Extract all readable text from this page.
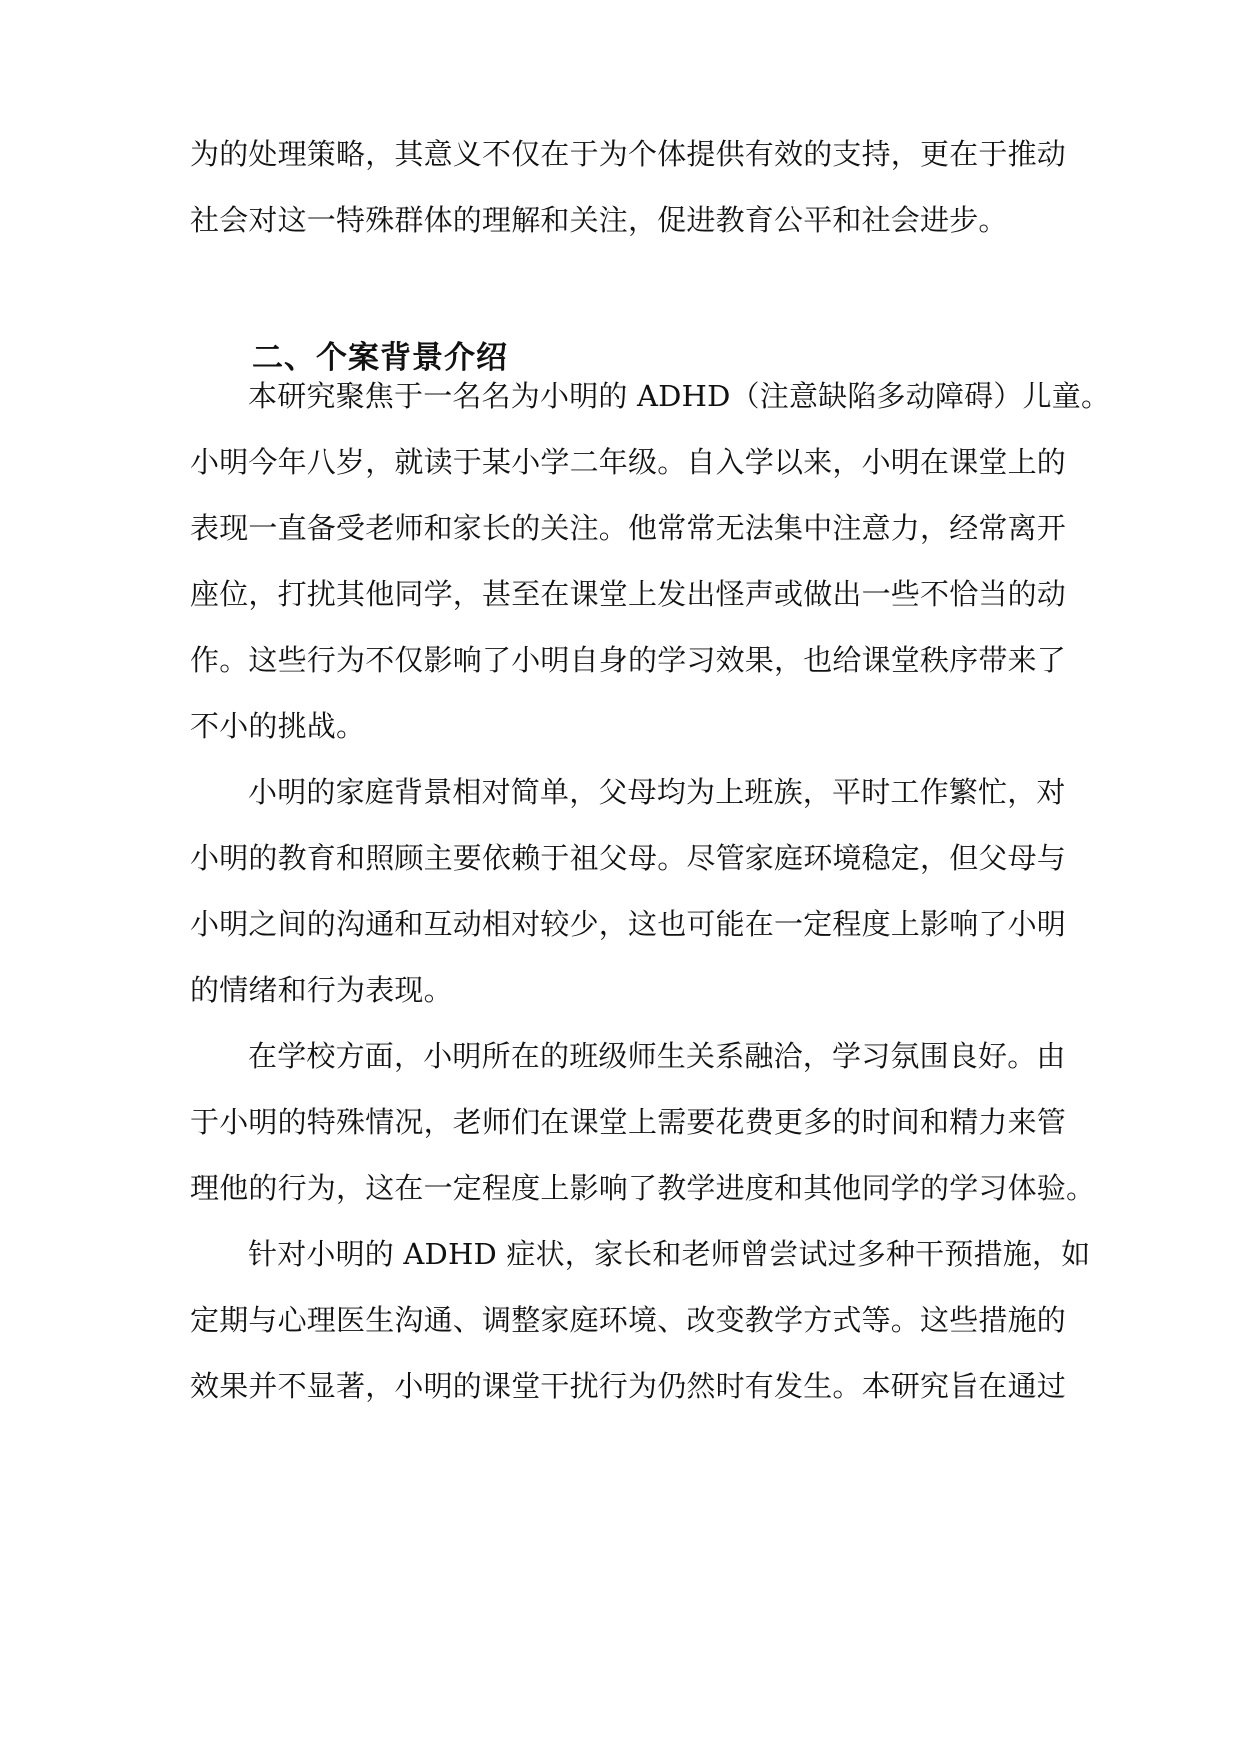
为的处理策略，其意义不仅在于为个体提供有效的支持，更在于推动
社会对这一特殊群体的理解和关注，促进教育公平和社会进步。
二、个案背景介绍
本研究聚焦于一名名为小明的 ADHD（注意缺陷多动障碍）儿童。
小明今年八岁，就读于某小学二年级。自入学以来，小明在课堂上的
表现一直备受老师和家长的关注。他常常无法集中注意力，经常离开
座位，打扰其他同学，甚至在课堂上发出怪声或做出一些不恰当的动
作。这些行为不仅影响了小明自身的学习效果，也给课堂秩序带来了
不小的挑战。
小明的家庭背景相对简单，父母均为上班族，平时工作繁忙，对
小明的教育和照顾主要依赖于祖父母。尽管家庭环境稳定，但父母与
小明之间的沟通和互动相对较少，这也可能在一定程度上影响了小明
的情绪和行为表现。
在学校方面，小明所在的班级师生关系融洽，学习氛围良好。由
于小明的特殊情况，老师们在课堂上需要花费更多的时间和精力来管
理他的行为，这在一定程度上影响了教学进度和其他同学的学习体验。
针对小明的 ADHD 症状，家长和老师曾尝试过多种干预措施，如
定期与心理医生沟通、调整家庭环境、改变教学方式等。这些措施的
效果并不显著，小明的课堂干扰行为仍然时有发生。本研究旨在通过
